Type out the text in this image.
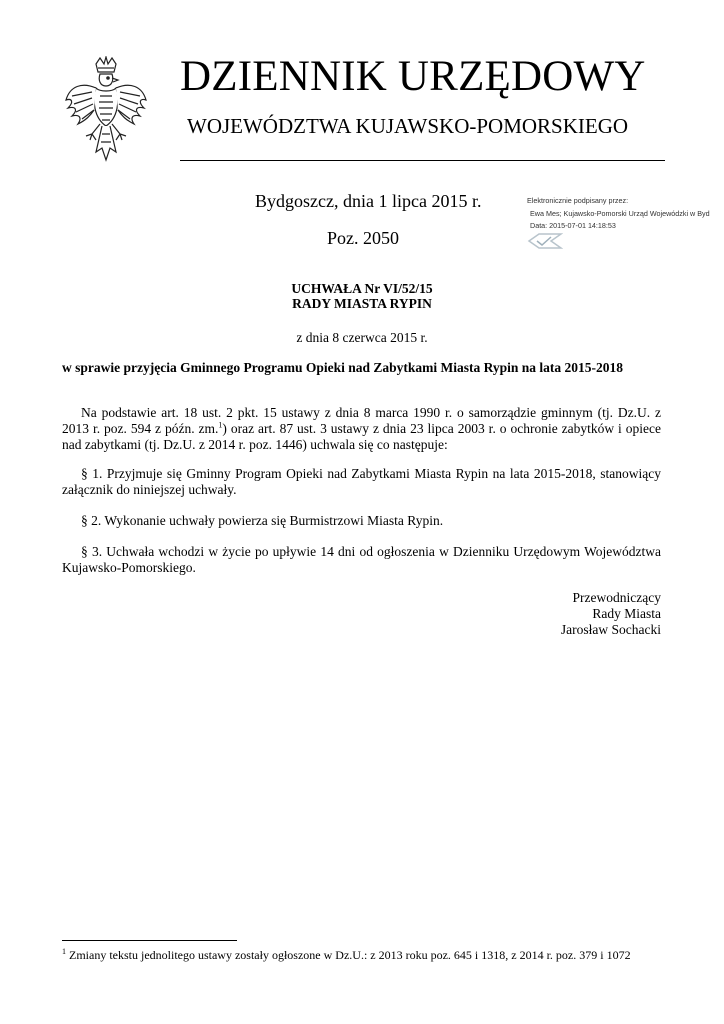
DZIENNIK URZĘDOWY
WOJEWÓDZTWA KUJAWSKO-POMORSKIEGO
Bydgoszcz, dnia 1 lipca 2015 r.
Poz. 2050
Elektronicznie podpisany przez:
Ewa Mes; Kujawsko-Pomorski Urząd Wojewódzki w Byd
Data: 2015-07-01 14:18:53
UCHWAŁA Nr VI/52/15
RADY MIASTA RYPIN
z dnia 8 czerwca 2015 r.
w sprawie przyjęcia Gminnego Programu Opieki nad Zabytkami Miasta Rypin na lata 2015-2018
Na podstawie art. 18 ust. 2 pkt. 15 ustawy z dnia 8 marca 1990 r. o samorządzie gminnym (tj. Dz.U. z 2013 r. poz. 594 z późn. zm.$^1$) oraz art. 87 ust. 3 ustawy z dnia 23 lipca 2003 r. o ochronie zabytków i opiece nad zabytkami (tj. Dz.U. z 2014 r. poz. 1446) uchwala się co następuje:
§ 1. Przyjmuje się Gminny Program Opieki nad Zabytkami Miasta Rypin na lata 2015-2018, stanowiący załącznik do niniejszej uchwały.
§ 2. Wykonanie uchwały powierza się Burmistrzowi Miasta Rypin.
§ 3. Uchwała wchodzi w życie po upływie 14 dni od ogłoszenia w Dzienniku Urzędowym Województwa Kujawsko-Pomorskiego.
Przewodniczący
Rady Miasta
Jarosław Sochacki
$^1$ Zmiany tekstu jednolitego ustawy zostały ogłoszone w Dz.U.: z 2013 roku poz. 645 i 1318, z 2014 r. poz. 379 i 1072
